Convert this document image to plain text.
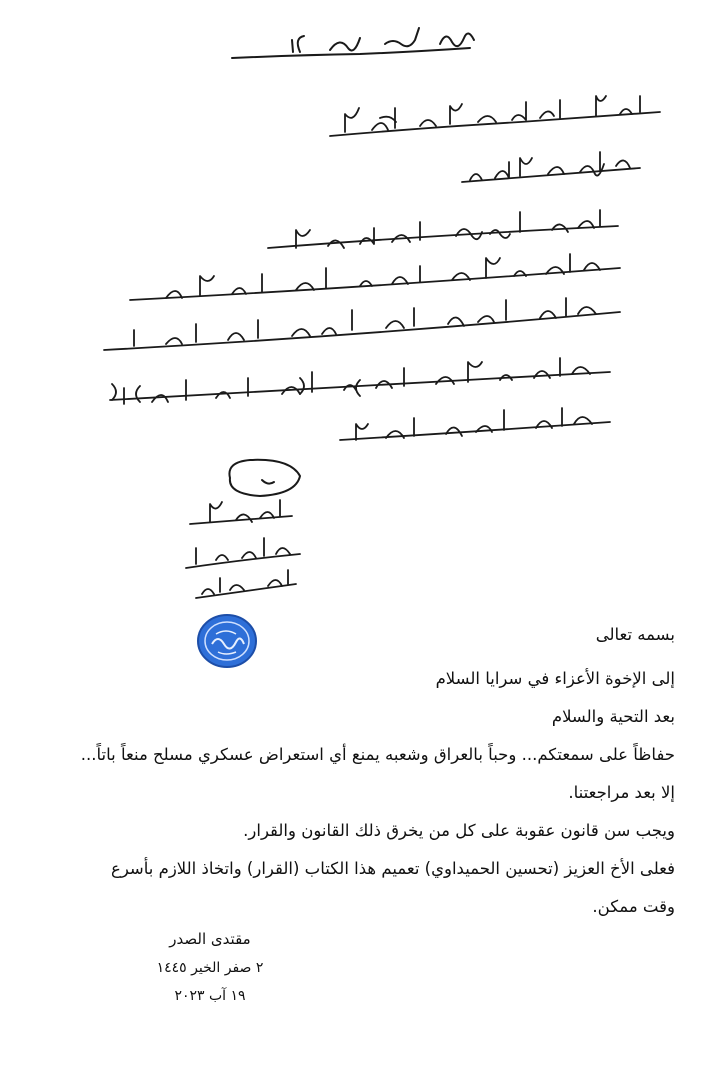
بسمه تعالى
إلى الإخوة الأعزاء في سرايا السلام
بعد التحية والسلام
حفاظاً على سمعتكم... وحباً بالعراق وشعبه يمنع أي استعراض عسكري مسلح منعاً باتاً...
إلا بعد مراجعتنا.
ويجب سن قانون عقوبة على كل من يخرق ذلك القانون والقرار.
فعلى الأخ العزيز (تحسين الحميداوي) تعميم هذا الكتاب (القرار) واتخاذ اللازم بأسرع
وقت ممكن.
مقتدى الصدر
٢ صفر الخير ١٤٤٥
١٩ آب ٢٠٢٣
